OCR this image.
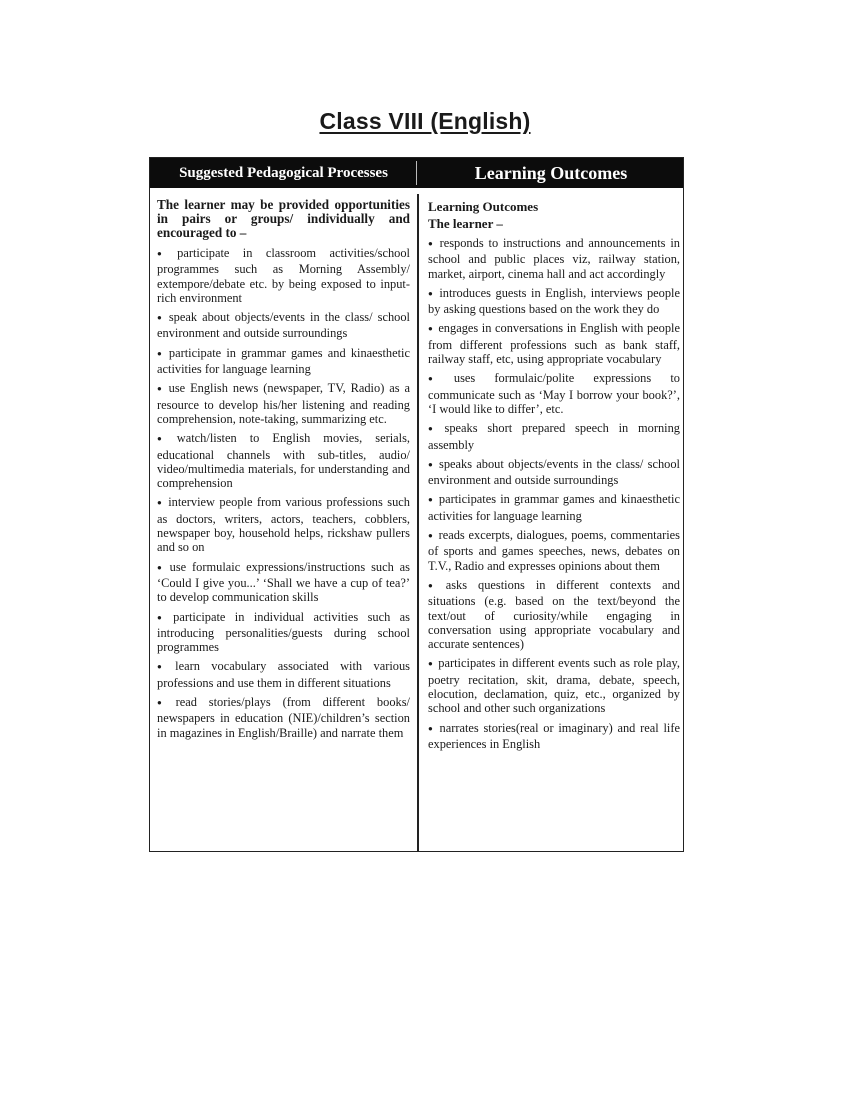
Class VIII (English)
Suggested Pedagogical Processes	Learning Outcomes
The learner may be provided opportunities in pairs or groups/ individually and encouraged to –
● participate in classroom activities/school programmes such as Morning Assembly/ extempore/debate etc. by being exposed to input-rich environment
● speak about objects/events in the class/ school environment and outside surroundings
● participate in grammar games and kinaesthetic activities for language learning
● use English news (newspaper, TV, Radio) as a resource to develop his/her listening and reading comprehension, note-taking, summarizing etc.
● watch/listen to English movies, serials, educational channels with sub-titles, audio/ video/multimedia materials, for understanding and comprehension
● interview people from various professions such as doctors, writers, actors, teachers, cobblers, newspaper boy, household helps, rickshaw pullers and so on
● use formulaic expressions/instructions such as ‘Could I give you...’ ‘Shall we have a cup of tea?’ to develop communication skills
● participate in individual activities such as introducing personalities/guests during school programmes
● learn vocabulary associated with various professions and use them in different situations
● read stories/plays (from different books/ newspapers in education (NIE)/children’s section in magazines in English/Braille) and narrate them
Learning Outcomes
The learner –
● responds to instructions and announcements in school and public places viz, railway station, market, airport, cinema hall and act accordingly
● introduces guests in English, interviews people by asking questions based on the work they do
● engages in conversations in English with people from different professions such as bank staff, railway staff, etc, using appropriate vocabulary
● uses formulaic/polite expressions to communicate such as ‘May I borrow your book?’, ‘I would like to differ’, etc.
● speaks short prepared speech in morning assembly
● speaks about objects/events in the class/ school environment and outside surroundings
● participates in grammar games and kinaesthetic activities for language learning
● reads excerpts, dialogues, poems, commentaries of sports and games speeches, news, debates on T.V., Radio and expresses opinions about them
● asks questions in different contexts and situations (e.g. based on the text/beyond the text/out of curiosity/while engaging in conversation using appropriate vocabulary and accurate sentences)
● participates in different events such as role play, poetry recitation, skit, drama, debate, speech, elocution, declamation, quiz, etc., organized by school and other such organizations
● narrates stories(real or imaginary) and real life experiences in English
